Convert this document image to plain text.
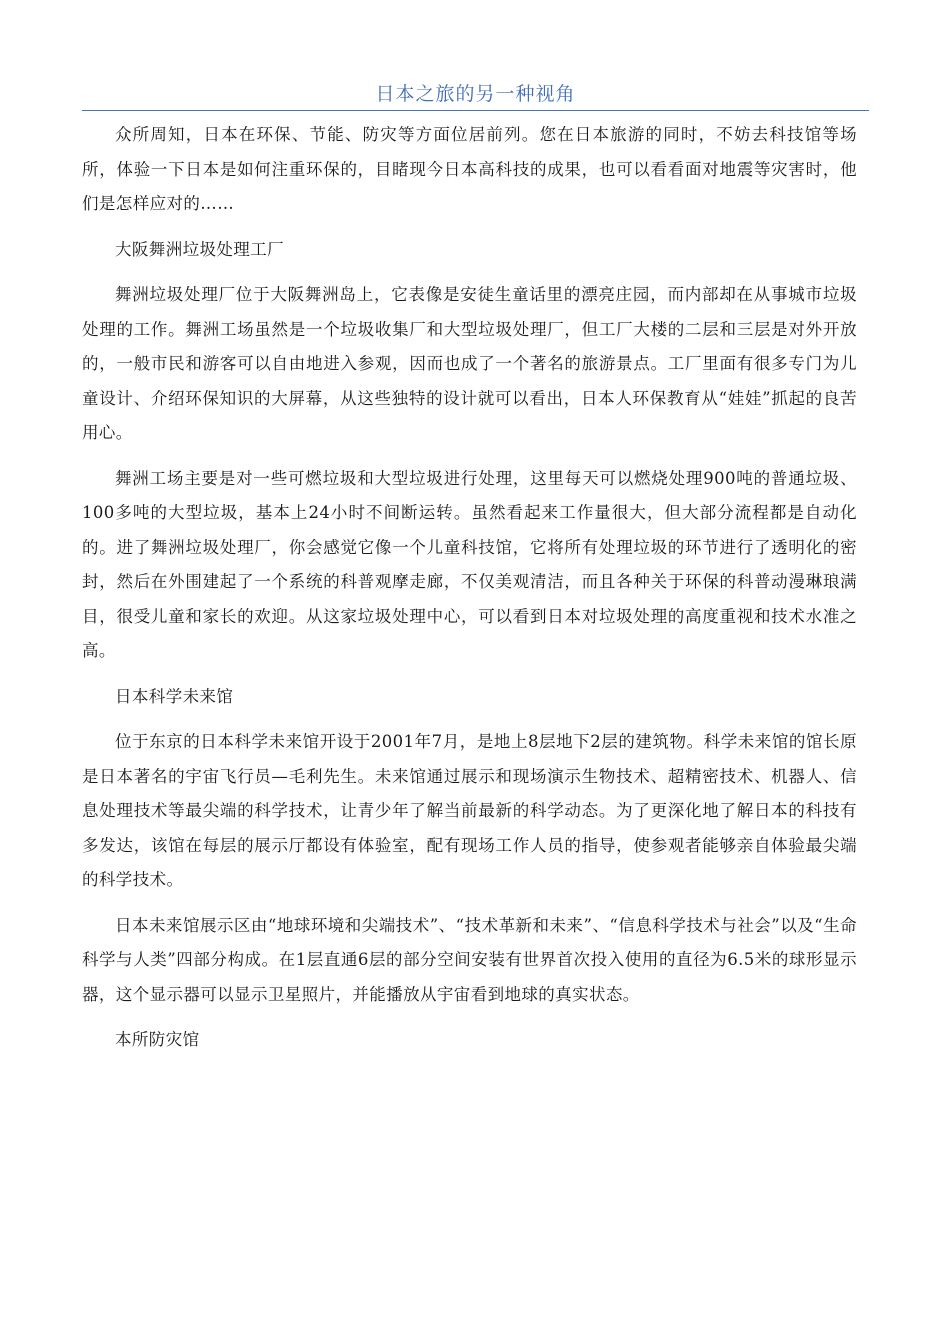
日本之旅的另一种视角

众所周知，日本在环保、节能、防灾等方面位居前列。您在日本旅游的同时，不妨去科技馆等场所，体验一下日本是如何注重环保的，目睹现今日本高科技的成果，也可以看看面对地震等灾害时，他们是怎样应对的……

大阪舞洲垃圾处理工厂

舞洲垃圾处理厂位于大阪舞洲岛上，它表像是安徒生童话里的漂亮庄园，而内部却在从事城市垃圾处理的工作。舞洲工场虽然是一个垃圾收集厂和大型垃圾处理厂，但工厂大楼的二层和三层是对外开放的，一般市民和游客可以自由地进入参观，因而也成了一个著名的旅游景点。工厂里面有很多专门为儿童设计、介绍环保知识的大屏幕，从这些独特的设计就可以看出，日本人环保教育从“娃娃”抓起的良苦用心。

舞洲工场主要是对一些可燃垃圾和大型垃圾进行处理，这里每天可以燃烧处理900吨的普通垃圾、100多吨的大型垃圾，基本上24小时不间断运转。虽然看起来工作量很大，但大部分流程都是自动化的。进了舞洲垃圾处理厂，你会感觉它像一个儿童科技馆，它将所有处理垃圾的环节进行了透明化的密封，然后在外围建起了一个系统的科普观摩走廊，不仅美观清洁，而且各种关于环保的科普动漫琳琅满目，很受儿童和家长的欢迎。从这家垃圾处理中心，可以看到日本对垃圾处理的高度重视和技术水准之高。

日本科学未来馆

位于东京的日本科学未来馆开设于2001年7月，是地上8层地下2层的建筑物。科学未来馆的馆长原是日本著名的宇宙飞行员—毛利先生。未来馆通过展示和现场演示生物技术、超精密技术、机器人、信息处理技术等最尖端的科学技术，让青少年了解当前最新的科学动态。为了更深化地了解日本的科技有多发达，该馆在每层的展示厅都设有体验室，配有现场工作人员的指导，使参观者能够亲自体验最尖端的科学技术。

日本未来馆展示区由“地球环境和尖端技术”、“技术革新和未来”、“信息科学技术与社会”以及“生命科学与人类”四部分构成。在1层直通6层的部分空间安装有世界首次投入使用的直径为6.5米的球形显示器，这个显示器可以显示卫星照片，并能播放从宇宙看到地球的真实状态。

本所防灾馆
